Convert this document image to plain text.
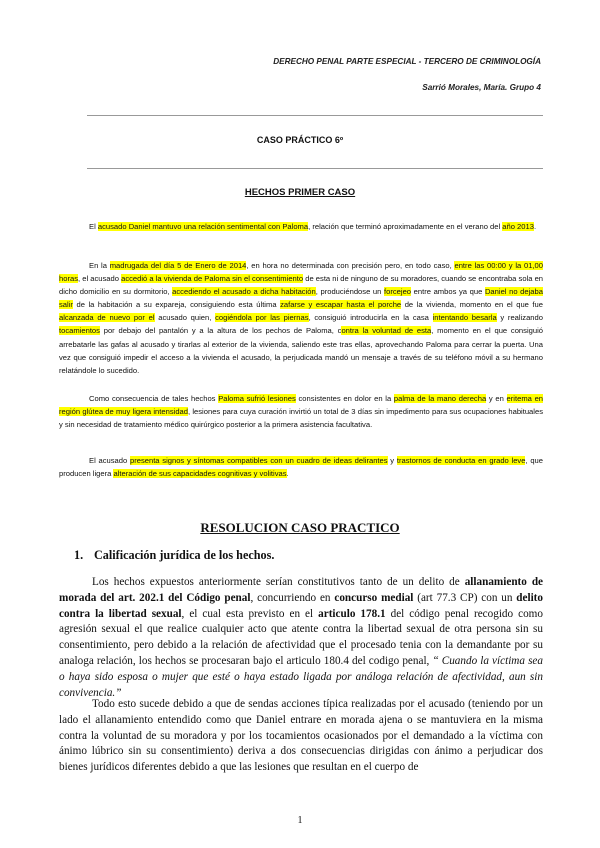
DERECHO PENAL PARTE ESPECIAL - TERCERO DE CRIMINOLOGÍA
Sarrió Morales, María. Grupo 4
CASO PRÁCTICO 6º
HECHOS PRIMER CASO
El acusado Daniel mantuvo una relación sentimental con Paloma, relación que terminó aproximadamente en el verano del año 2013.
En la madrugada del día 5 de Enero de 2014, en hora no determinada con precisión pero, en todo caso, entre las 00:00 y la 01,00 horas, el acusado accedió a la vivienda de Paloma sin el consentimiento de esta ni de ninguno de su moradores, cuando se encontraba sola en dicho domicilio en su dormitorio, accediendo el acusado a dicha habitación, produciéndose un forcejeo entre ambos ya que Daniel no dejaba salir de la habitación a su expareja, consiguiendo esta última zafarse y escapar hasta el porche de la vivienda, momento en el que fue alcanzada de nuevo por el acusado quien, cogiéndola por las piernas, consiguió introducirla en la casa intentando besarla y realizando tocamientos por debajo del pantalón y a la altura de los pechos de Paloma, contra la voluntad de esta, momento en el que consiguió arrebatarle las gafas al acusado y tirarlas al exterior de la vivienda, saliendo este tras ellas, aprovechando Paloma para cerrar la puerta. Una vez que consiguió impedir el acceso a la vivienda el acusado, la perjudicada mandó un mensaje a través de su teléfono móvil a su hermano relatándole lo sucedido.
Como consecuencia de tales hechos Paloma sufrió lesiones consistentes en dolor en la palma de la mano derecha y en eritema en región glútea de muy ligera intensidad, lesiones para cuya curación invirtió un total de 3 días sin impedimento para sus ocupaciones habituales y sin necesidad de tratamiento médico quirúrgico posterior a la primera asistencia facultativa.
El acusado presenta signos y síntomas compatibles con un cuadro de ideas delirantes y trastornos de conducta en grado leve, que producen ligera alteración de sus capacidades cognitivas y volitivas.
RESOLUCION CASO PRACTICO
1. Calificación jurídica de los hechos.
Los hechos expuestos anteriormente serían constitutivos tanto de un delito de allanamiento de morada del art. 202.1 del Código penal, concurriendo en concurso medial (art 77.3 CP) con un delito contra la libertad sexual, el cual esta previsto en el articulo 178.1 del código penal recogido como agresión sexual el que realice cualquier acto que atente contra la libertad sexual de otra persona sin su consentimiento, pero debido a la relación de afectividad que el procesado tenia con la demandante por su analoga relación, los hechos se procesaran bajo el articulo 180.4 del codigo penal, “ Cuando la víctima sea o haya sido esposa o mujer que esté o haya estado ligada por análoga relación de afectividad, aun sin convivencia.”
Todo esto sucede debido a que de sendas acciones típica realizadas por el acusado (teniendo por un lado el allanamiento entendido como que Daniel entrare en morada ajena o se mantuviera en la misma contra la voluntad de su moradora y por los tocamientos ocasionados por el demandado a la víctima con ánimo lúbrico sin su consentimiento) deriva a dos consecuencias dirigidas con ánimo a perjudicar dos bienes jurídicos diferentes debido a que las lesiones que resultan en el cuerpo de
1
